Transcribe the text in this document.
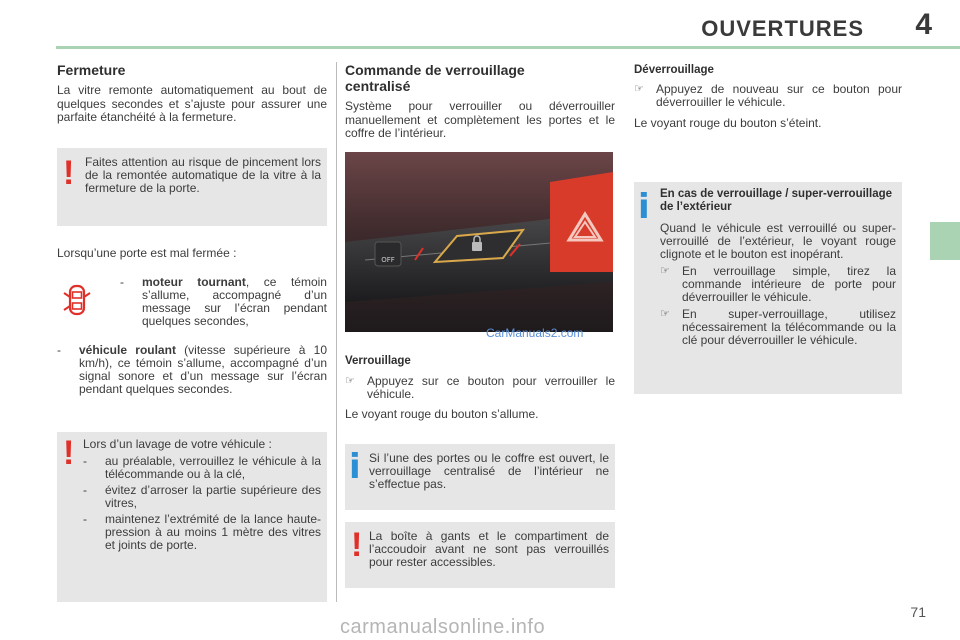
OUVERTURES 4
Fermeture

La vitre remonte automatiquement au bout de quelques secondes et s’ajuste pour assurer une parfaite étanchéité à la fermeture.

! Faites attention au risque de pincement lors de la remontée automatique de la vitre à la fermeture de la porte.

Lorsqu’une porte est mal fermée :

-	moteur tournant, ce témoin s’allume, accompagné d’un message sur l’écran pendant quelques secondes,
-	véhicule roulant (vitesse supérieure à 10 km/h), ce témoin s’allume, accompagné d’un signal sonore et d’un message sur l’écran pendant quelques secondes.
! Lors d’un lavage de votre véhicule :

-	au préalable, verrouillez le véhicule à la télécommande ou à la clé,
-	évitez d’arroser la partie supérieure des vitres,
-	maintenez l’extrémité de la lance haute-pression à au moins 1 mètre des vitres et joints de porte.
Commande de verrouillage centralisé

Système pour verrouiller ou déverrouiller manuellement et complètement les portes et le coffre de l’intérieur.

OFF
CarManuals2.com
Verrouillage
☞	Appuyez sur ce bouton pour verrouiller le véhicule.

Le voyant rouge du bouton s’allume.

i Si l’une des portes ou le coffre est ouvert, le verrouillage centralisé de l’intérieur ne s’effectue pas.

! La boîte à gants et le compartiment de l’accoudoir avant ne sont pas verrouillés pour rester accessibles.

Déverrouillage
☞	Appuyez de nouveau sur ce bouton pour déverrouiller le véhicule.

Le voyant rouge du bouton s’éteint.

i En cas de verrouillage / super-verrouillage de l’extérieur

Quand le véhicule est verrouillé ou super-verrouillé de l’extérieur, le voyant rouge clignote et le bouton est inopérant.

☞	En verrouillage simple, tirez la commande intérieure de porte pour déverrouiller le véhicule.
☞	En super-verrouillage, utilisez nécessairement la télécommande ou la clé pour déverrouiller le véhicule.
71
carmanualsonline.info
